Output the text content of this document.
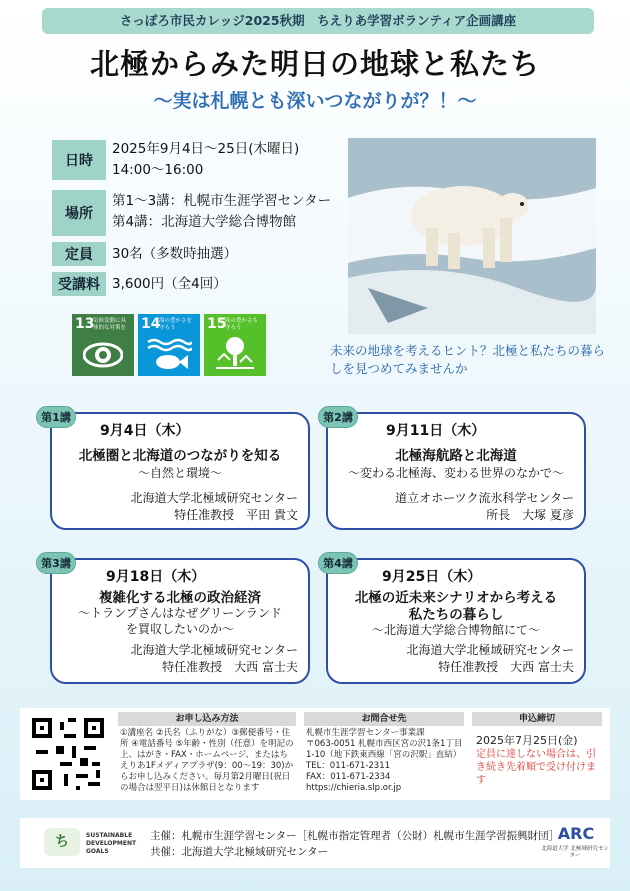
さっぽろ市民カレッジ2025秋期　ちえりあ学習ボランティア企画講座
北極からみた明日の地球と私たち
～実は札幌とも深いつながりが？！～
日時
2025年9月4日～25日(木曜日)
14:00～16:00
場所
第1～3講：札幌市生涯学習センター
第4講：北海道大学総合博物館
定員	30名（多数時抽選）
受講料 3,600円（全4回）
13
気候変動に具体的な対策を	14
海の豊かさを守ろう	15
陸の豊かさも守ろう
未来の地球を考えるヒント？北極と私たちの暮らしを見つめてみませんか
9月4日（木）
北極圏と北海道のつながりを知る
～自然と環境～
北海道大学北極域研究センター
特任准教授　平田 貴文
第1講
9月11日（木）
北極海航路と北海道
～変わる北極海、変わる世界のなかで～
道立オホーツク流氷科学センター
所長　大塚 夏彦
第2講
9月18日（木）
複雑化する北極の政治経済
～トランプさんはなぜグリーンランド
を買収したいのか～
北海道大学北極域研究センター
特任准教授　大西 富士夫
第3講
9月25日（木）
北極の近未来シナリオから考える
私たちの暮らし
～北海道大学総合博物館にて～
北海道大学北極域研究センター
特任准教授　大西 富士夫
第4講
お申し込み方法
①講座名 ②氏名（ふりがな）③郵便番号・住所 ④電話番号 ⑤年齢・性別（任意）を明記の上、はがき・FAX・ホームページ、またはちえりあ1Fメディアプラザ(9：00～19：30)からお申し込みください。毎月第2月曜日(祝日の場合は翌平日)は休館日となります
お問合せ先
札幌市生涯学習センター事業課
〒063-0051 札幌市西区宮の沢1条1丁目
1-10（地下鉄東西線「宮の沢駅」直結）
TEL：011-671-2311
FAX：011-671-2334
https://chieria.slp.or.jp
申込締切
2025年7月25日(金)
定員に達しない場合は、引き続き先着順で受け付けます
ち	SUSTAINABLE DEVELOPMENT GOALS
主催：札幌市生涯学習センター［札幌市指定管理者（公財）札幌市生涯学習振興財団］
共催：北海道大学北極域研究センター
ARC
北海道大学 北極域研究センター
